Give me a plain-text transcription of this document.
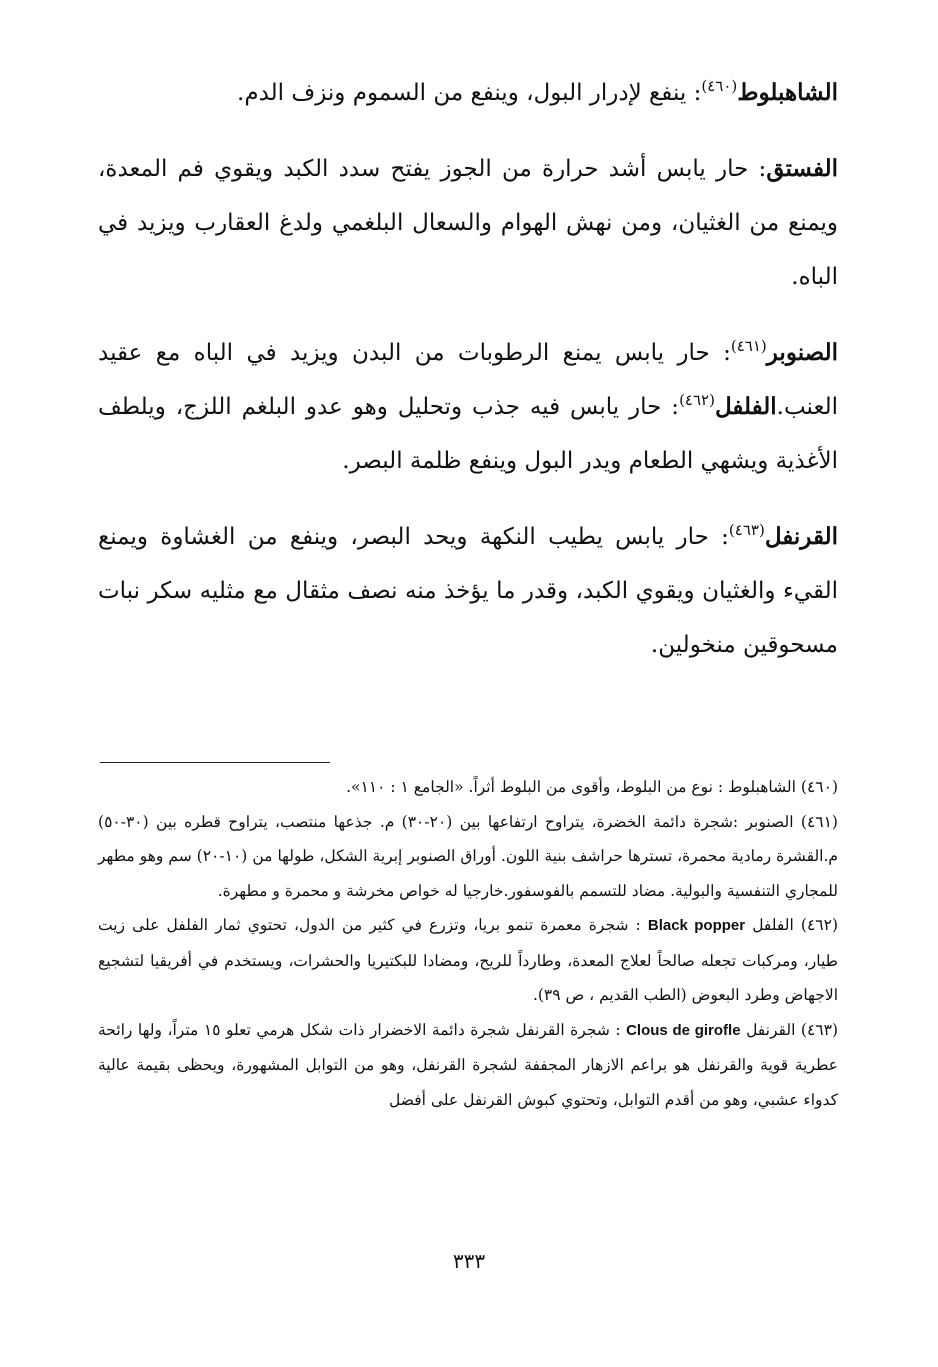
الشاهبلوط$^{(٤٦٠)}$: ينفع لإدرار البول، وينفع من السموم ونزف الدم.

الفستق: حار يابس أشد حرارة من الجوز يفتح سدد الكبد ويقوي فم المعدة، ويمنع من الغثيان، ومن نهش الهوام والسعال البلغمي ولدغ العقارب ويزيد في الباه.

الصنوبر$^{(٤٦١)}$: حار يابس يمنع الرطوبات من البدن ويزيد في الباه مع عقيد العنب.الفلفل$^{(٤٦٢)}$: حار يابس فيه جذب وتحليل وهو عدو البلغم اللزج، ويلطف الأغذية ويشهي الطعام ويدر البول وينفع ظلمة البصر.

القرنفل$^{(٤٦٣)}$: حار يابس يطيب النكهة ويحد البصر، وينفع من الغشاوة ويمنع القيء والغثيان ويقوي الكبد، وقدر ما يؤخذ منه نصف مثقال مع مثليه سكر نبات مسحوقين منخولين.

(٤٦٠) الشاهبلوط : نوع من البلوط، وأقوى من البلوط أثراً. «الجامع ١ : ١١٠».

(٤٦١) الصنوبر :شجرة دائمة الخضرة، يتراوح ارتفاعها بين (٢٠-٣٠) م. جذعها منتصب، يتراوح قطره بين (٣٠-٥٠) م.القشرة رمادية محمرة، تسترها حراشف بنية اللون. أوراق الصنوبر إبرية الشكل، طولها من (١٠-٢٠) سم وهو مطهر للمجاري التنفسية والبولية. مضاد للتسمم بالفوسفور.خارجيا له خواص مخرشة و محمرة و مطهرة.

(٤٦٢) الفلفل Black popper : شجرة معمرة تنمو بريا، وتزرع في كثير من الدول، تحتوي ثمار الفلفل على زيت طيار، ومركبات تجعله صالحاً لعلاج المعدة، وطارداً للريح، ومضادا للبكتيريا والحشرات، ويستخدم في أفريقيا لتشجيع الاجهاض وطرد البعوض (الطب القديم ، ص ٣٩).

(٤٦٣) القرنفل Clous de girofle : شجرة القرنفل شجرة دائمة الاخضرار ذات شكل هرمي تعلو ١٥ متراً، ولها رائحة عطرية قوية والقرنفل هو براعم الازهار المجففة لشجرة القرنفل، وهو من التوابل المشهورة، ويحظى بقيمة عالية كدواء عشبي، وهو من أقدم التوابل، وتحتوي كبوش القرنفل على أفضل

٣٣٣
